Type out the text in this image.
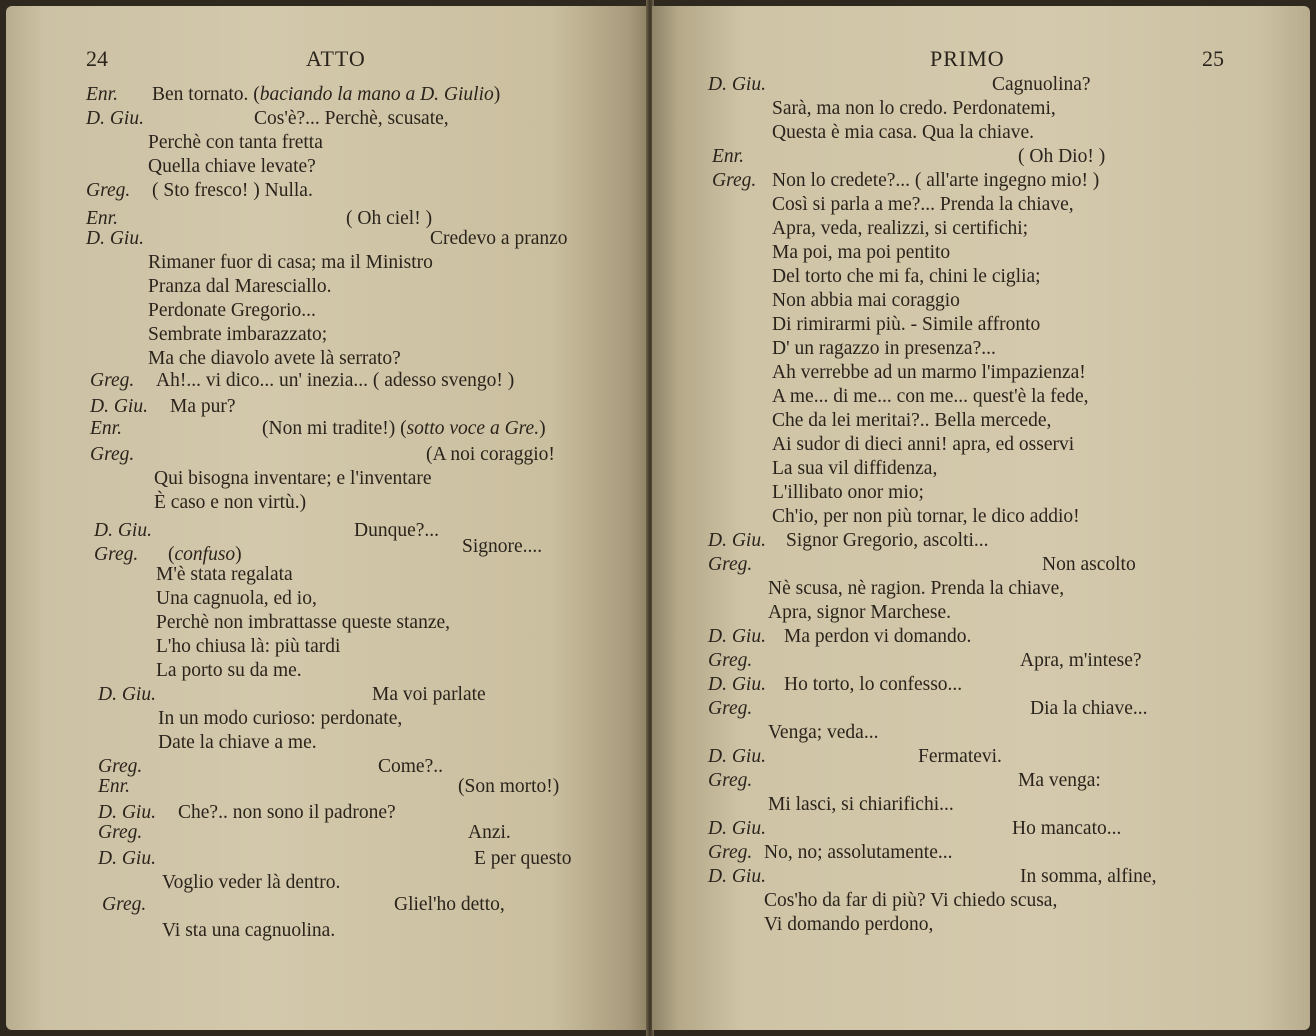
24	ATTO
Enr. Ben tornato. (baciando la mano a D. Giulio)
D. Giu.	Cos'è?... Perchè, scusate,
Perchè con tanta fretta
Quella chiave levate?
Greg. ( Sto fresco! ) Nulla.
Enr.	( Oh ciel! )
D. Giu.	Credevo a pranzo
Rimaner fuor di casa; ma il Ministro
Pranza dal Maresciallo.
Perdonate Gregorio...
Sembrate imbarazzato;
Ma che diavolo avete là serrato?
Greg. Ah!... vi dico... un' inezia... ( adesso svengo! )
D. Giu. Ma pur?
Enr.	(Non mi tradite!) (sotto voce a Gre.)
Greg.	(A noi coraggio!
Qui bisogna inventare; e l'inventare
È caso e non virtù.)
D. Giu.	Dunque?...
Greg. (confuso)	Signore....
M'è stata regalata
Una cagnuola, ed io,
Perchè non imbrattasse queste stanze,
L'ho chiusa là: più tardi
La porto su da me.
D. Giu.	Ma voi parlate
In un modo curioso: perdonate,
Date la chiave a me.
Greg.	Come?..
Enr.	(Son morto!)
D. Giu. Che?.. non sono il padrone?
Greg.	Anzi.
D. Giu.	E per questo
Voglio veder là dentro.
Greg.	Gliel'ho detto,
Vi sta una cagnuolina.
PRIMO	25
D. Giu.	Cagnuolina?
Sarà, ma non lo credo. Perdonatemi,
Questa è mia casa. Qua la chiave.
Enr.	( Oh Dio! )
Greg. Non lo credete?... ( all'arte ingegno mio! )
Così si parla a me?... Prenda la chiave,
Apra, veda, realizzi, si certifichi;
Ma poi, ma poi pentito
Del torto che mi fa, chini le ciglia;
Non abbia mai coraggio
Di rimirarmi più. - Simile affronto
D' un ragazzo in presenza?...
Ah verrebbe ad un marmo l'impazienza!
A me... di me... con me... quest'è la fede,
Che da lei meritai?.. Bella mercede,
Ai sudor di dieci anni! apra, ed osservi
La sua vil diffidenza,
L'illibato onor mio;
Ch'io, per non più tornar, le dico addio!
D. Giu. Signor Gregorio, ascolti...
Greg.	Non ascolto
Nè scusa, nè ragion. Prenda la chiave,
Apra, signor Marchese.
D. Giu. Ma perdon vi domando.
Greg.	Apra, m'intese?
D. Giu. Ho torto, lo confesso...
Greg.	Dia la chiave...
Venga; veda...
D. Giu.	Fermatevi.
Greg.	Ma venga:
Mi lasci, si chiarifichi...
D. Giu.	Ho mancato...
Greg. No, no; assolutamente...
D. Giu.	In somma, alfine,
Cos'ho da far di più? Vi chiedo scusa,
Vi domando perdono,
